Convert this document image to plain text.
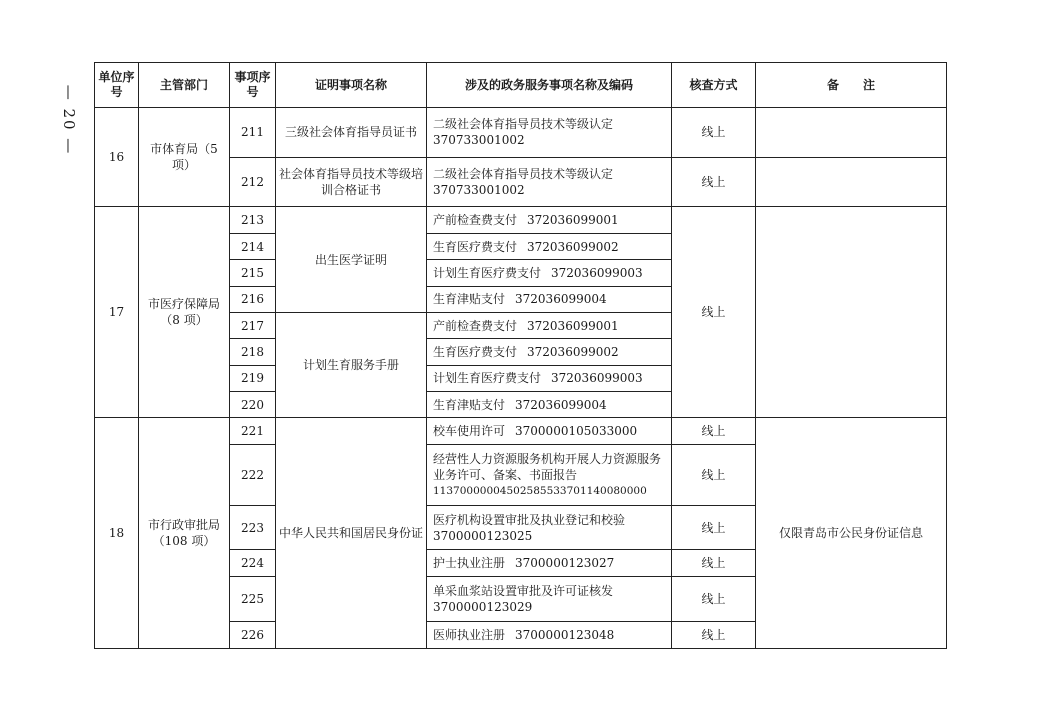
— 20 —
单位序号	主管部门	事项序号	证明事项名称	涉及的政务服务事项名称及编码	核查方式	备　　注
16	市体育局（5 项）	211	三级社会体育指导员证书	二级社会体育指导员技术等级认定
370733001002	线上	
		212	社会体育指导员技术等级培训合格证书	二级社会体育指导员技术等级认定
370733001002	线上	
17	市医疗保障局（8 项）	213	出生医学证明	产前检查费支付 372036099001	线上	
		214		生育医疗费支付 372036099002		
		215		计划生育医疗费支付 372036099003		
		216		生育津贴支付 372036099004		
		217	计划生育服务手册	产前检查费支付 372036099001		
		218		生育医疗费支付 372036099002		
		219		计划生育医疗费支付 372036099003		
		220		生育津贴支付 372036099004		
18	市行政审批局（108 项）	221	中华人民共和国居民身份证	校车使用许可 3700000105033000	线上	仅限青岛市公民身份证信息
		222		经营性人力资源服务机构开展人力资源服务业务许可、备案、书面报告
11370000004502585533701140080000	线上	
		223		医疗机构设置审批及执业登记和校验
3700000123025	线上	
		224		护士执业注册 3700000123027	线上	
		225		单采血浆站设置审批及许可证核发
3700000123029	线上	
		226		医师执业注册 3700000123048	线上	
